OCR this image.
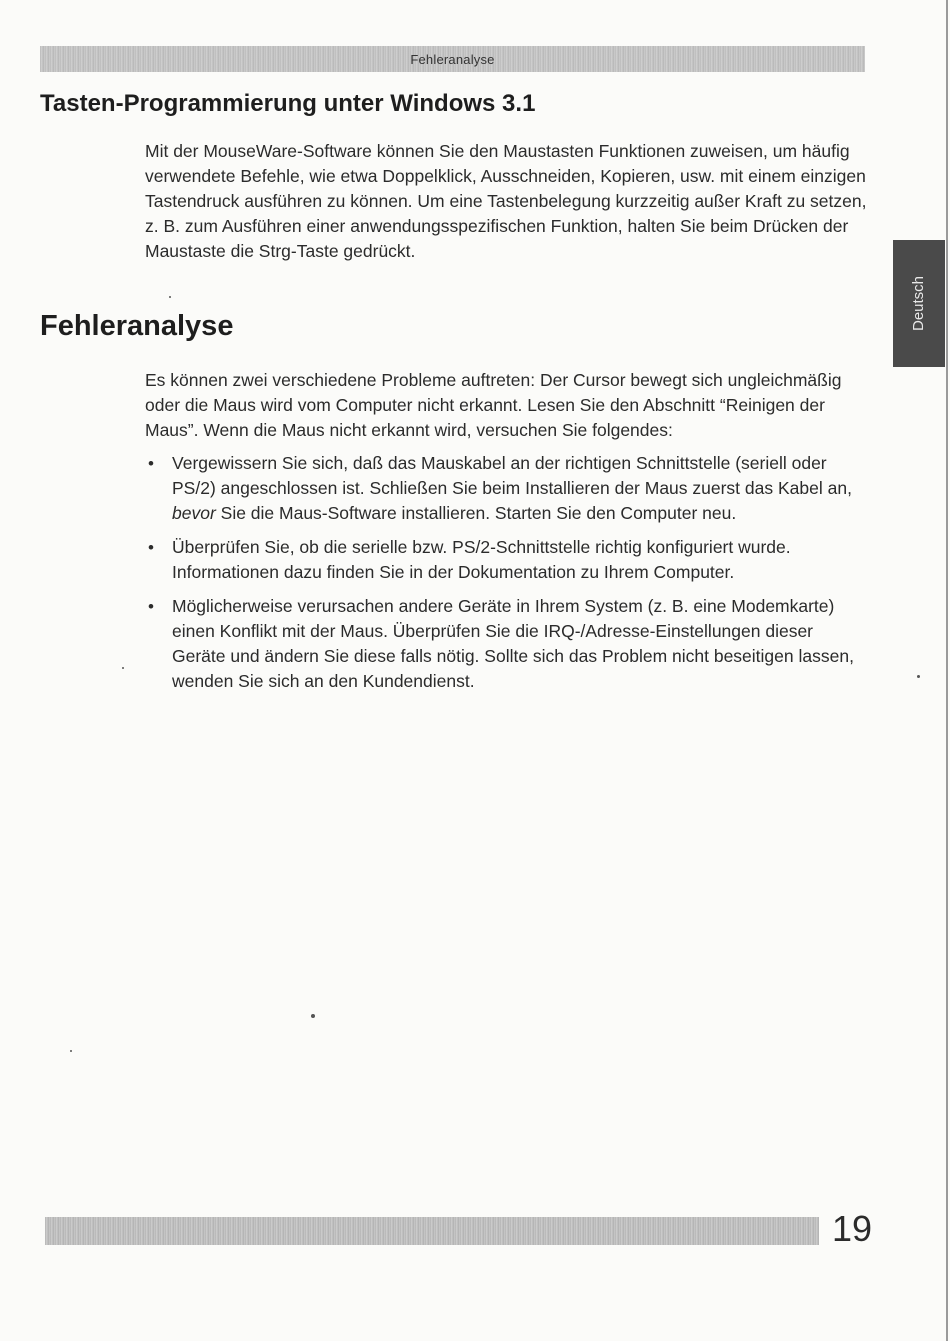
Fehleranalyse
Tasten-Programmierung unter Windows 3.1

Mit der MouseWare-Software können Sie den Maustasten Funktionen zuweisen, um häufig verwendete Befehle, wie etwa Doppelklick, Ausschneiden, Kopieren, usw. mit einem einzigen Tastendruck ausführen zu können. Um eine Tastenbelegung kurzzeitig außer Kraft zu setzen, z. B. zum Ausführen einer anwendungsspezifischen Funktion, halten Sie beim Drücken der Maustaste die Strg-Taste gedrückt.

Fehleranalyse

Es können zwei verschiedene Probleme auftreten: Der Cursor bewegt sich ungleichmäßig oder die Maus wird vom Computer nicht erkannt. Lesen Sie den Abschnitt “Reinigen der Maus”. Wenn die Maus nicht erkannt wird, versuchen Sie folgendes:

• Vergewissern Sie sich, daß das Mauskabel an der richtigen Schnittstelle (seriell oder PS/2) angeschlossen ist. Schließen Sie beim Installieren der Maus zuerst das Kabel an, bevor Sie die Maus-Software installieren. Starten Sie den Computer neu.
• Überprüfen Sie, ob die serielle bzw. PS/2-Schnittstelle richtig konfiguriert wurde. Informationen dazu finden Sie in der Dokumentation zu Ihrem Computer.
• Möglicherweise verursachen andere Geräte in Ihrem System (z. B. eine Modemkarte) einen Konflikt mit der Maus. Überprüfen Sie die IRQ-/Adresse-Einstellungen dieser Geräte und ändern Sie diese falls nötig. Sollte sich das Problem nicht beseitigen lassen, wenden Sie sich an den Kundendienst.
Deutsch
19
